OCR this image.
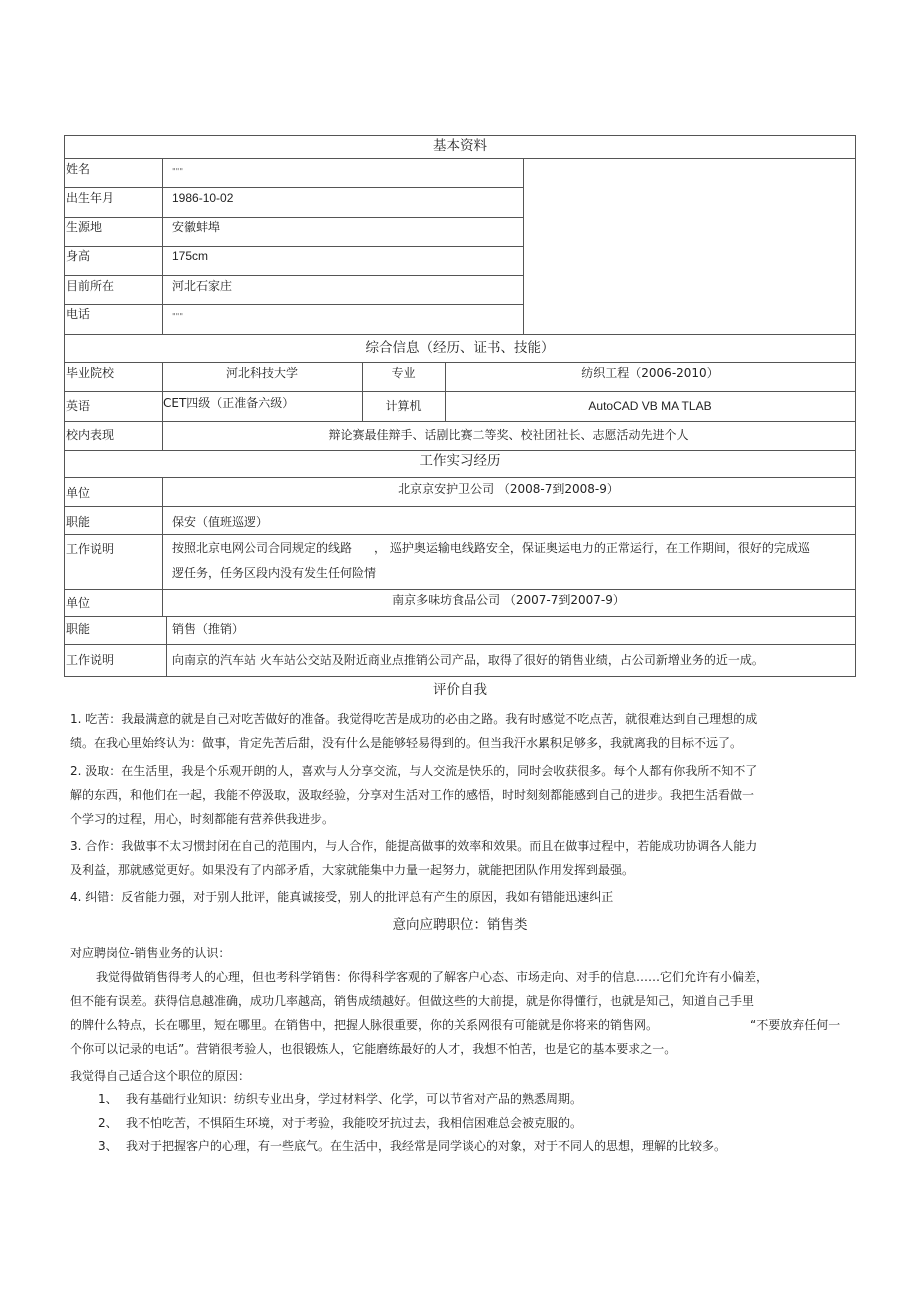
基本资料
姓名	"""
出生年月	1986-10-02
生源地	安徽蚌埠
身高	175cm
目前所在	河北石家庄
电话	"""
综合信息（经历、证书、技能）
毕业院校	河北科技大学	专业	纺织工程（2006-2010）
英语	CET四级（正准备六级）	计算机	AutoCAD VB MA TLAB
校内表现	辩论赛最佳辩手、话剧比赛二等奖、校社团社长、志愿活动先进个人
工作实习经历
单位	北京京安护卫公司 （2008-7到2008-9）
职能	保安（值班巡逻）
工作说明	按照北京电网公司合同规定的线路 ， 巡护奥运输电线路安全，保证奥运电力的正常运行，在工作期间，很好的完成巡
逻任务，任务区段内没有发生任何险情
单位	南京多味坊食品公司 （2007-7到2007-9）
职能	销售（推销）
工作说明	向南京的汽车站 火车站公交站及附近商业点推销公司产品，取得了很好的销售业绩，占公司新增业务的近一成。
评价自我
1. 吃苦：我最满意的就是自己对吃苦做好的准备。我觉得吃苦是成功的必由之路。我有时感觉不吃点苦，就很难达到自己理想的成
绩。在我心里始终认为：做事，肯定先苦后甜，没有什么是能够轻易得到的。但当我汗水累积足够多，我就离我的目标不远了。
2. 汲取：在生活里，我是个乐观开朗的人，喜欢与人分享交流，与人交流是快乐的，同时会收获很多。每个人都有你我所不知不了
解的东西，和他们在一起，我能不停汲取，汲取经验，分享对生活对工作的感悟，时时刻刻都能感到自己的进步。我把生活看做一
个学习的过程，用心，时刻都能有营养供我进步。
3. 合作：我做事不太习惯封闭在自己的范围内，与人合作，能提高做事的效率和效果。而且在做事过程中，若能成功协调各人能力
及利益，那就感觉更好。如果没有了内部矛盾，大家就能集中力量一起努力，就能把团队作用发挥到最强。
4. 纠错：反省能力强，对于别人批评，能真诚接受，别人的批评总有产生的原因，我如有错能迅速纠正
意向应聘职位：销售类
对应聘岗位-销售业务的认识：
我觉得做销售得考人的心理，但也考科学销售：你得科学客观的了解客户心态、市场走向、对手的信息……它们允许有小偏差，
但不能有误差。获得信息越准确，成功几率越高，销售成绩越好。但做这些的大前提，就是你得懂行，也就是知己，知道自己手里
的牌什么特点，长在哪里，短在哪里。在销售中，把握人脉很重要，你的关系网很有可能就是你将来的销售网。	“不要放弃任何一
个你可以记录的电话”。营销很考验人，也很锻炼人，它能磨练最好的人才，我想不怕苦，也是它的基本要求之一。
我觉得自己适合这个职位的原因：
1、 我有基础行业知识：纺织专业出身，学过材料学、化学，可以节省对产品的熟悉周期。
2、 我不怕吃苦，不惧陌生环境，对于考验，我能咬牙抗过去，我相信困难总会被克服的。
3、 我对于把握客户的心理，有一些底气。在生活中，我经常是同学谈心的对象，对于不同人的思想，理解的比较多。
